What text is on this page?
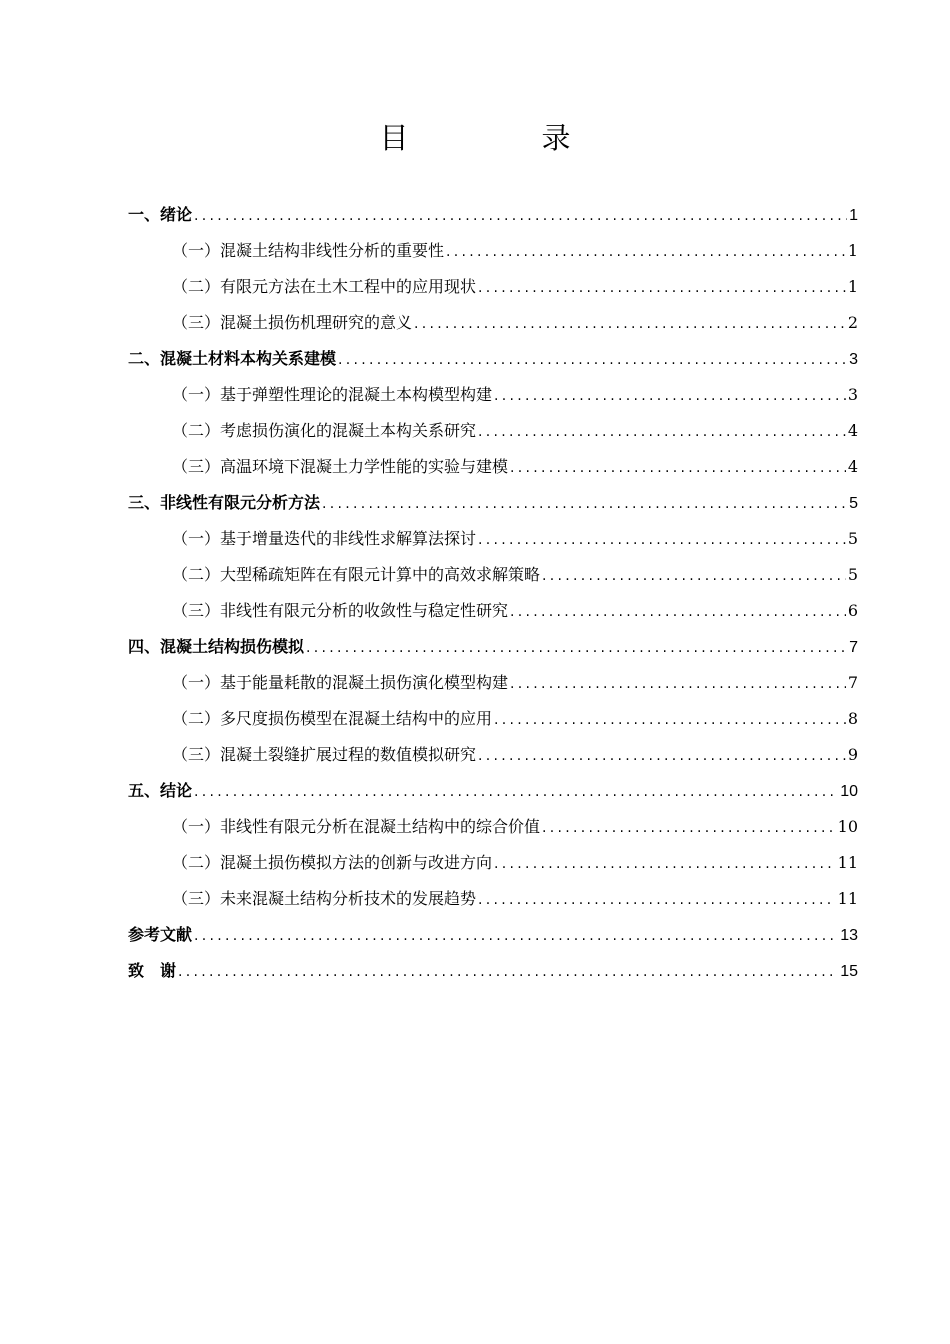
目　录
一、绪论 .....	1
（一）混凝土结构非线性分析的重要性 .....	1
（二）有限元方法在土木工程中的应用现状 .....	1
（三）混凝土损伤机理研究的意义 .....	2
二、混凝土材料本构关系建模 .....	3
（一）基于弹塑性理论的混凝土本构模型构建 .....	3
（二）考虑损伤演化的混凝土本构关系研究 .....	4
（三）高温环境下混凝土力学性能的实验与建模 .....	4
三、非线性有限元分析方法 .....	5
（一）基于增量迭代的非线性求解算法探讨 .....	5
（二）大型稀疏矩阵在有限元计算中的高效求解策略 .....	5
（三）非线性有限元分析的收敛性与稳定性研究 .....	6
四、混凝土结构损伤模拟 .....	7
（一）基于能量耗散的混凝土损伤演化模型构建 .....	7
（二）多尺度损伤模型在混凝土结构中的应用 .....	8
（三）混凝土裂缝扩展过程的数值模拟研究 .....	9
五、结论 .....	10
（一）非线性有限元分析在混凝土结构中的综合价值 .....	10
（二）混凝土损伤模拟方法的创新与改进方向 .....	11
（三）未来混凝土结构分析技术的发展趋势 .....	11
参考文献 .....	13
致　谢 .....	15
